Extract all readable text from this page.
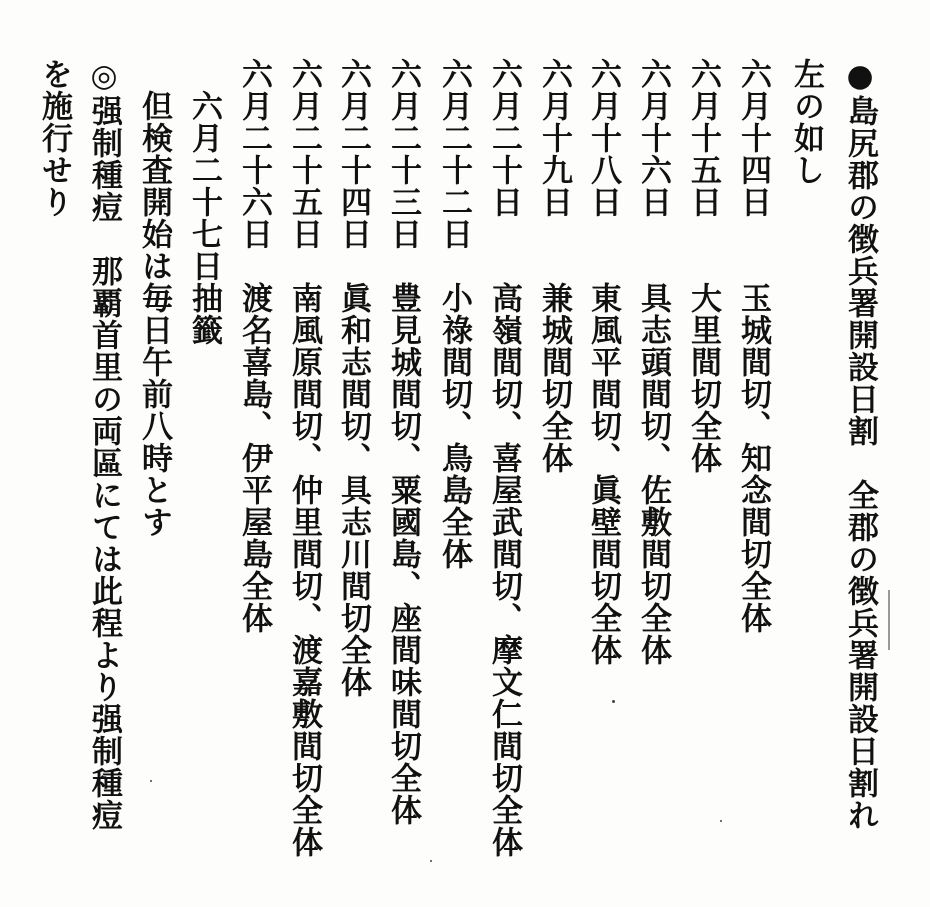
●島尻郡の徴兵署開設日割　全郡の徴兵署開設日割れ
左の如し
六月十四日　　玉城間切、知念間切全体
六月十五日　　大里間切全体
六月十六日　　具志頭間切、佐敷間切全体
六月十八日　　東風平間切、眞壁間切全体
六月十九日　　兼城間切全体
六月二十日　　高嶺間切、喜屋武間切、摩文仁間切全体
六月二十二日　小祿間切、鳥島全体
六月二十三日　豊見城間切、粟國島、座間味間切全体
六月二十四日　眞和志間切、具志川間切全体
六月二十五日　南風原間切、仲里間切、渡嘉敷間切全体
六月二十六日　渡名喜島、伊平屋島全体
　六月二十七日抽籤
　但検査開始は毎日午前八時とす
◎强制種痘　那覇首里の両區にては此程より强制種痘
を施行せり
